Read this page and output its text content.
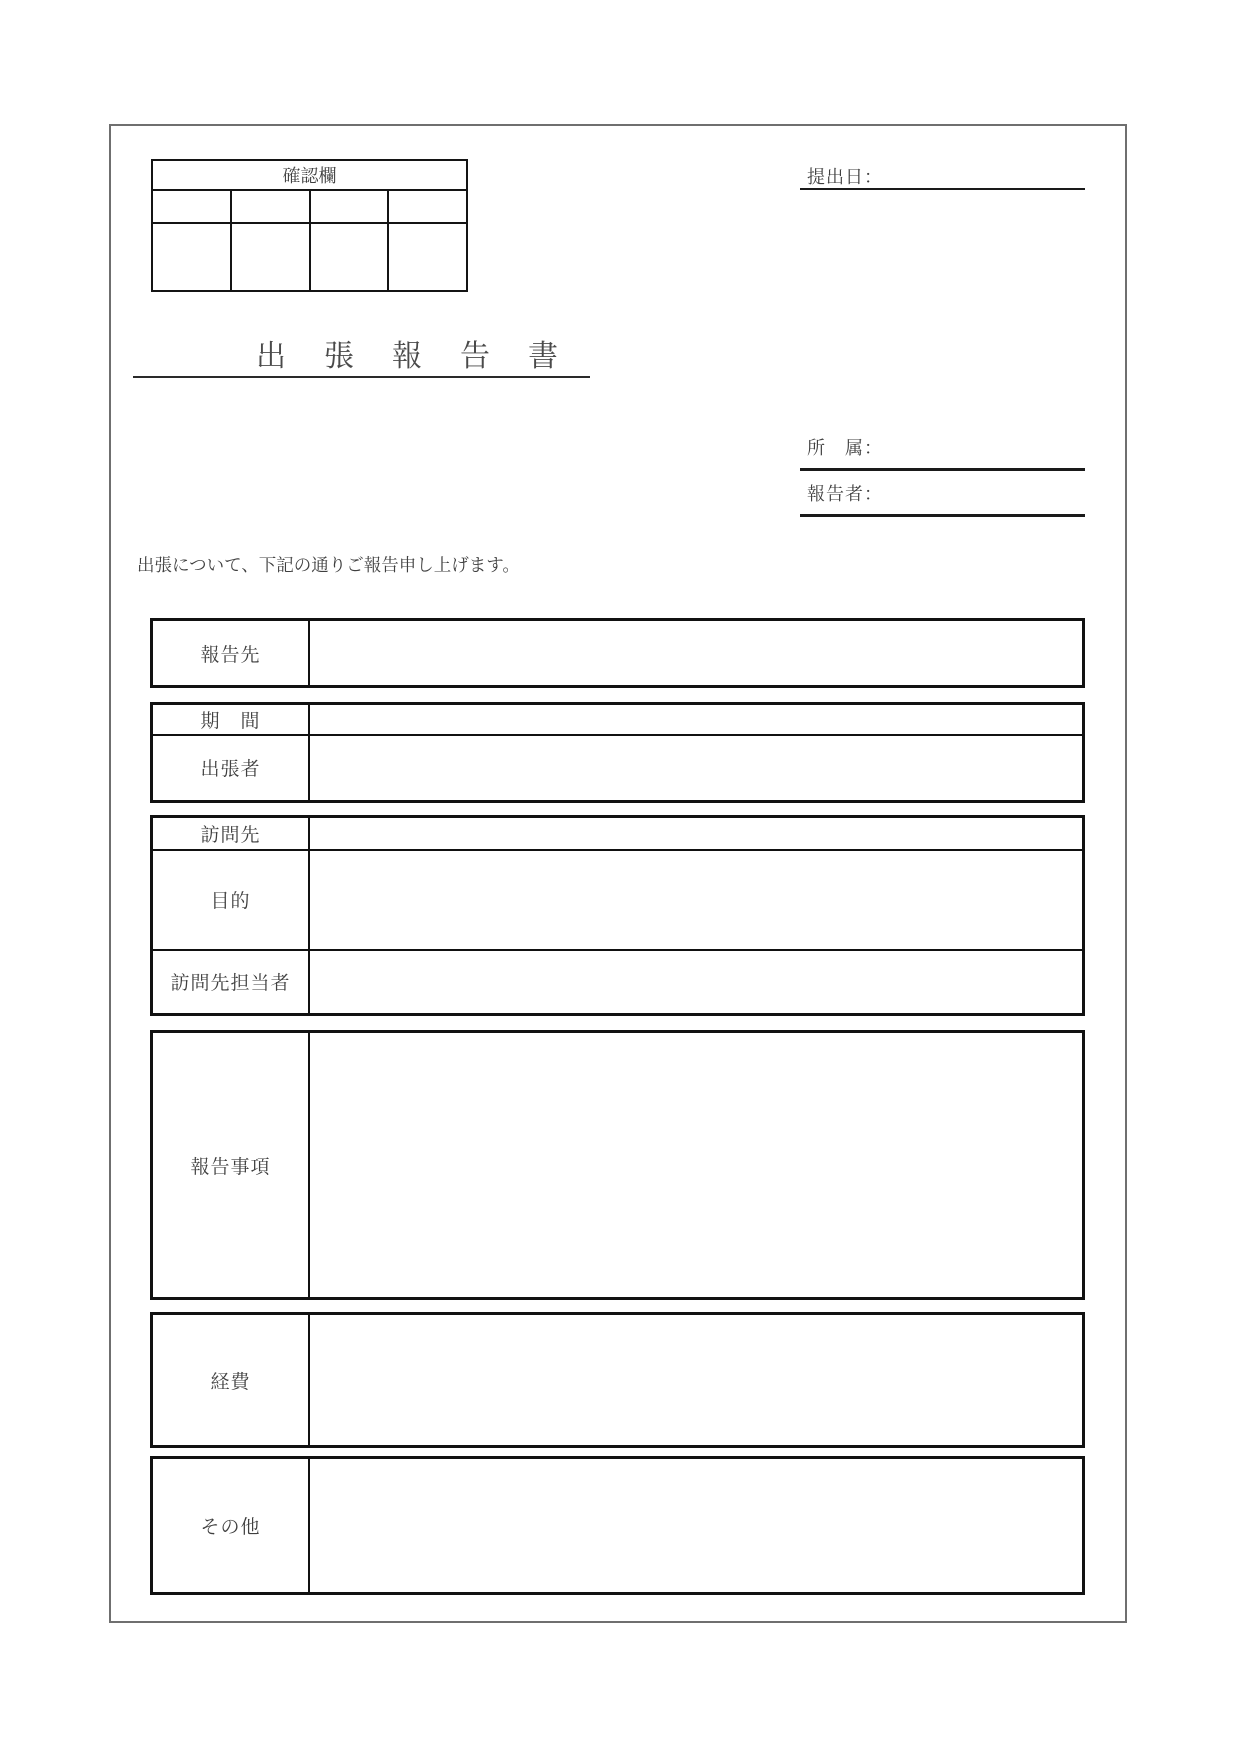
確認欄			

				提出日：
出　張　報　告　書
所　属：
報告者：
出張について、下記の通りご報告申し上げます。
報告先	
期　間	
出張者	
訪問先	
目的	
訪問先担当者	
報告事項	
経費	
その他	
